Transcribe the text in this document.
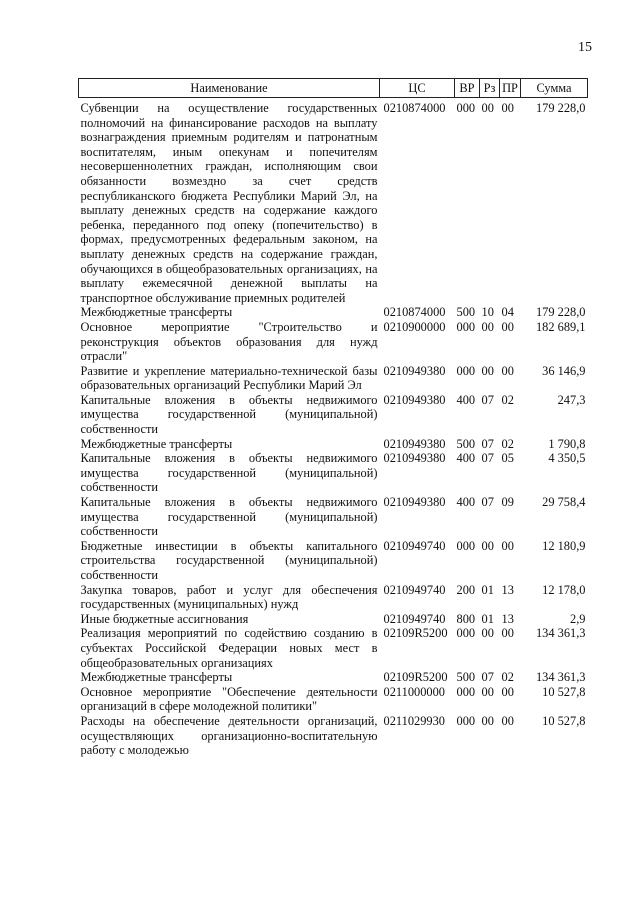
15
Наименование	ЦС	ВР	Рз	ПР	Сумма
Субвенции на осуществление государственных полномочий на финансирование расходов на выплату вознаграждения приемным родителям и патронатным воспитателям, иным опекунам и попечителям несовершеннолетних граждан, исполняющим свои обязанности возмездно за счет средств республиканского бюджета Республики Марий Эл, на выплату денежных средств на содержание каждого ребенка, переданного под опеку (попечительство) в формах, предусмотренных федеральным законом, на выплату денежных средств на содержание граждан, обучающихся в общеобразовательных организациях, на выплату ежемесячной денежной выплаты на транспортное обслуживание приемных родителей	0210874000	000	00	00	179 228,0
Межбюджетные трансферты	0210874000	500	10	04	179 228,0
Основное мероприятие "Строительство и реконструкция объектов образования для нужд отрасли"	0210900000	000	00	00	182 689,1
Развитие и укрепление материально-технической базы образовательных организаций Республики Марий Эл	0210949380	000	00	00	36 146,9
Капитальные вложения в объекты недвижимого имущества государственной (муниципальной) собственности	0210949380	400	07	02	247,3
Межбюджетные трансферты	0210949380	500	07	02	1 790,8
Капитальные вложения в объекты недвижимого имущества государственной (муниципальной) собственности	0210949380	400	07	05	4 350,5
Капитальные вложения в объекты недвижимого имущества государственной (муниципальной) собственности	0210949380	400	07	09	29 758,4
Бюджетные инвестиции в объекты капитального строительства государственной (муниципальной) собственности	0210949740	000	00	00	12 180,9
Закупка товаров, работ и услуг для обеспечения государственных (муниципальных) нужд	0210949740	200	01	13	12 178,0
Иные бюджетные ассигнования	0210949740	800	01	13	2,9
Реализация мероприятий по содействию созданию в субъектах Российской Федерации новых мест в общеобразовательных организациях	02109R5200	000	00	00	134 361,3
Межбюджетные трансферты	02109R5200	500	07	02	134 361,3
Основное мероприятие "Обеспечение деятельности организаций в сфере молодежной политики"	0211000000	000	00	00	10 527,8
Расходы на обеспечение деятельности организаций, осуществляющих организационно-воспитательную работу с молодежью	0211029930	000	00	00	10 527,8
